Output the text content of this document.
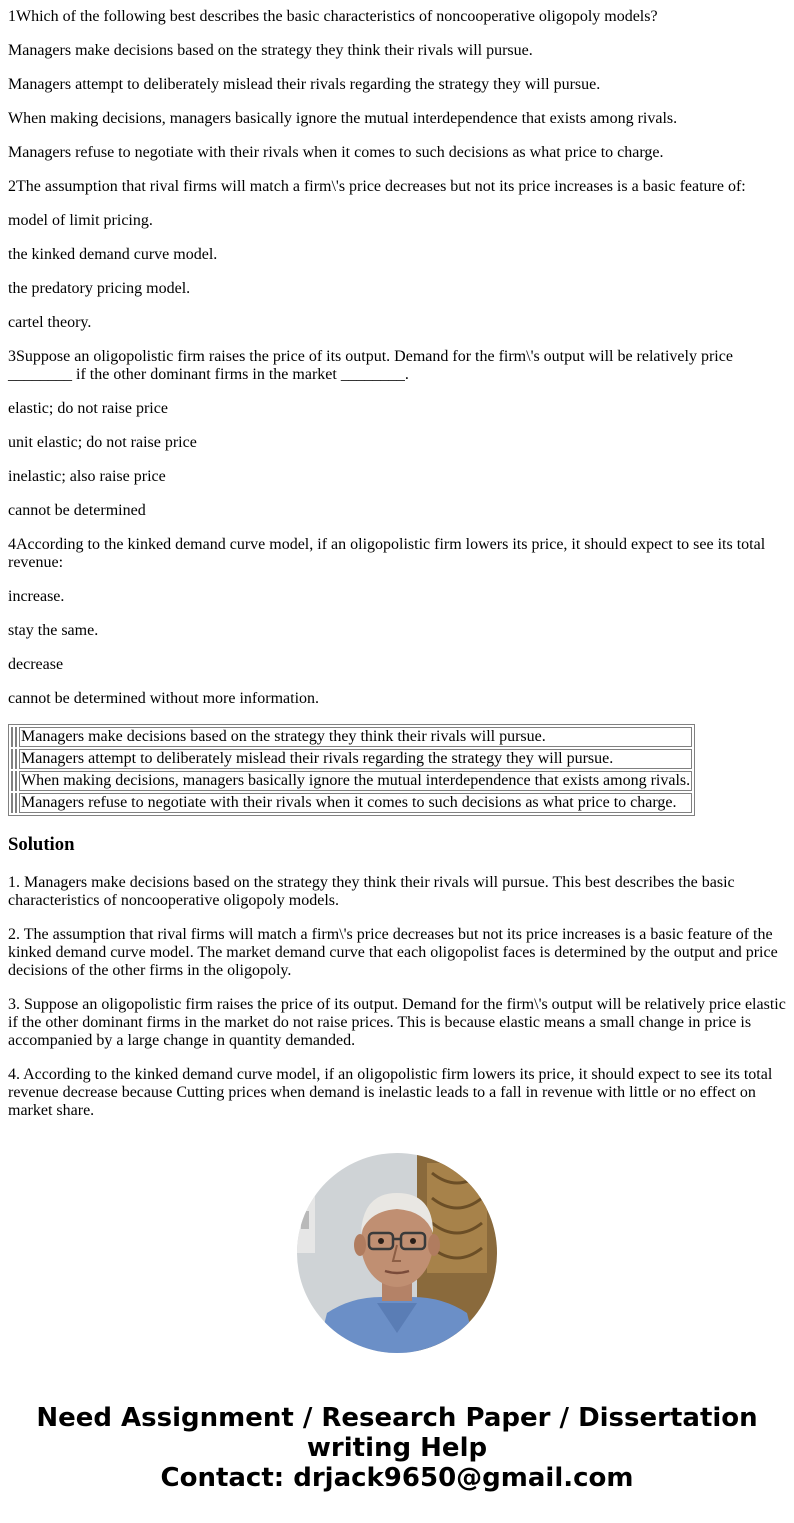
1Which of the following best describes the basic characteristics of noncooperative oligopoly models?

Managers make decisions based on the strategy they think their rivals will pursue.

Managers attempt to deliberately mislead their rivals regarding the strategy they will pursue.

When making decisions, managers basically ignore the mutual interdependence that exists among rivals.

Managers refuse to negotiate with their rivals when it comes to such decisions as what price to charge.

2The assumption that rival firms will match a firm\'s price decreases but not its price increases is a basic feature of:

model of limit pricing.

the kinked demand curve model.

the predatory pricing model.

cartel theory.

3Suppose an oligopolistic firm raises the price of its output. Demand for the firm\'s output will be relatively price ________ if the other dominant firms in the market ________.

elastic; do not raise price

unit elastic; do not raise price

inelastic; also raise price

cannot be determined

4According to the kinked demand curve model, if an oligopolistic firm lowers its price, it should expect to see its total revenue:

increase.

stay the same.

decrease

cannot be determined without more information.

		Managers make decisions based on the strategy they think their rivals will pursue.
		Managers attempt to deliberately mislead their rivals regarding the strategy they will pursue.
		When making decisions, managers basically ignore the mutual interdependence that exists among rivals.
		Managers refuse to negotiate with their rivals when it comes to such decisions as what price to charge.
Solution

1. Managers make decisions based on the strategy they think their rivals will pursue. This best describes the basic characteristics of noncooperative oligopoly models.

2. The assumption that rival firms will match a firm\'s price decreases but not its price increases is a basic feature of the kinked demand curve model. The market demand curve that each oligopolist faces is determined by the output and price decisions of the other firms in the oligopoly.

3. Suppose an oligopolistic firm raises the price of its output. Demand for the firm\'s output will be relatively price elastic if the other dominant firms in the market do not raise prices. This is because elastic means a small change in price is accompanied by a large change in quantity demanded.

4. According to the kinked demand curve model, if an oligopolistic firm lowers its price, it should expect to see its total revenue decrease because Cutting prices when demand is inelastic leads to a fall in revenue with little or no effect on market share.

Need Assignment / Research Paper / Dissertation
writing Help
Contact: drjack9650@gmail.com
